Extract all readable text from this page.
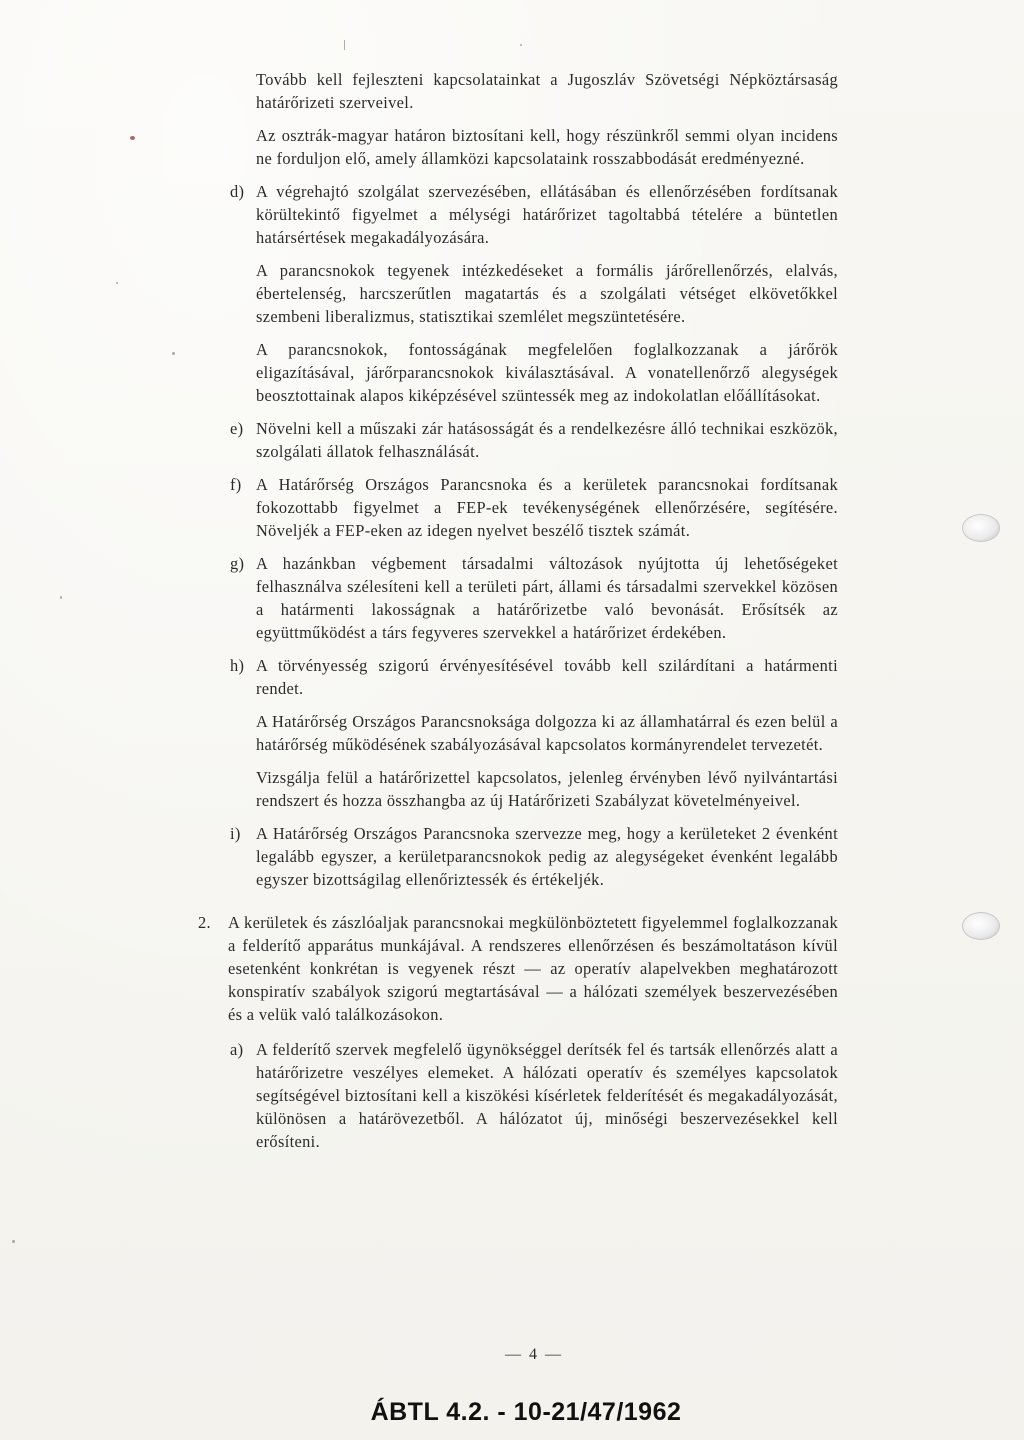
Tovább kell fejleszteni kapcsolatainkat a Jugoszláv Szövetségi Népköztársaság határőrizeti szerveivel.
Az osztrák-magyar határon biztosítani kell, hogy részünkről semmi olyan incidens ne forduljon elő, amely államközi kapcsolataink rosszabbodását eredményezné.
d) A végrehajtó szolgálat szervezésében, ellátásában és ellenőrzésében fordítsanak körültekintő figyelmet a mélységi határőrizet tagoltabbá tételére a büntetlen határsértések megakadályozására.
A parancsnokok tegyenek intézkedéseket a formális járőrellenőrzés, elalvás, ébertelenség, harcszerűtlen magatartás és a szolgálati vétséget elkövetőkkel szembeni liberalizmus, statisztikai szemlélet megszüntetésére.
A parancsnokok, fontosságának megfelelően foglalkozzanak a járőrök eligazításával, járőrparancsnokok kiválasztásával. A vonatellenőrző alegységek beosztottainak alapos kiképzésével szüntessék meg az indokolatlan előállításokat.
e) Növelni kell a műszaki zár hatásosságát és a rendelkezésre álló technikai eszközök, szolgálati állatok felhasználását.
f) A Határőrség Országos Parancsnoka és a kerületek parancsnokai fordítsanak fokozottabb figyelmet a FEP-ek tevékenységének ellenőrzésére, segítésére. Növeljék a FEP-eken az idegen nyelvet beszélő tisztek számát.
g) A hazánkban végbement társadalmi változások nyújtotta új lehetőségeket felhasználva szélesíteni kell a területi párt, állami és társadalmi szervekkel közösen a határmenti lakosságnak a határőrizetbe való bevonását. Erősítsék az együttműködést a társ fegyveres szervekkel a határőrizet érdekében.
h) A törvényesség szigorú érvényesítésével tovább kell szilárdítani a határmenti rendet.
A Határőrség Országos Parancsnoksága dolgozza ki az államhatárral és ezen belül a határőrség működésének szabályozásával kapcsolatos kormányrendelet tervezetét.
Vizsgálja felül a határőrizettel kapcsolatos, jelenleg érvényben lévő nyilvántartási rendszert és hozza összhangba az új Határőrizeti Szabályzat követelményeivel.
i) A Határőrség Országos Parancsnoka szervezze meg, hogy a kerületeket 2 évenként legalább egyszer, a kerületparancsnokok pedig az alegységeket évenként legalább egyszer bizottságilag ellenőriztessék és értékeljék.
2. A kerületek és zászlóaljak parancsnokai megkülönböztetett figyelemmel foglalkozzanak a felderítő apparátus munkájával. A rendszeres ellenőrzésen és beszámoltatáson kívül esetenként konkrétan is vegyenek részt — az operatív alapelvekben meghatározott konspiratív szabályok szigorú megtartásával — a hálózati személyek beszervezésében és a velük való találkozásokon.
a) A felderítő szervek megfelelő ügynökséggel derítsék fel és tartsák ellenőrzés alatt a határőrizetre veszélyes elemeket. A hálózati operatív és személyes kapcsolatok segítségével biztosítani kell a kiszökési kísérletek felderítését és megakadályozását, különösen a határövezetből. A hálózatot új, minőségi beszervezésekkel kell erősíteni.
— 4 —
ÁBTL 4.2. - 10-21/47/1962
